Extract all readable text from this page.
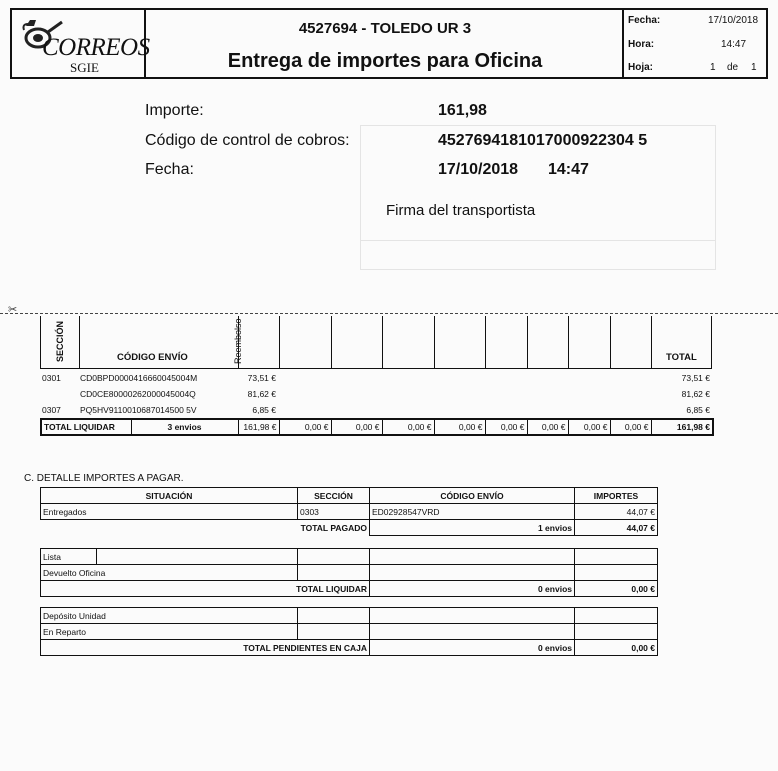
CORREOS
SGIE
4527694 - TOLEDO UR 3
Entrega de importes para Oficina
Fecha:	17/10/2018
Hora:	14:47
Hoja:	1 de 1
Importe:	161,98
Código de control de cobros:	4527694181017000922304 5
Fecha:	17/10/2018 14:47
Firma del transportista
✂
SECCIÓN	CÓDIGO ENVÍO	Reembolso	TOTAL
0301	CD0BPD0000416660045004M	73,51 €									73,51 €
	CD0CE80000262000045004Q	81,62 €									81,62 €
0307	PQ5HV9110010687014500 5V	6,85 €									6,85 €
TOTAL LIQUIDAR	3 envios	161,98 €	0,00 €	0,00 €	0,00 €	0,00 €	0,00 €	0,00 €	0,00 €	0,00 €	161,98 €
C. DETALLE IMPORTES A PAGAR.
SITUACIÓN	SECCIÓN	CÓDIGO ENVÍO	IMPORTES
Entregados	0303	ED02928547VRD	44,07 €
TOTAL PAGADO		1 envios	44,07 €
Lista				
Devuelto Oficina				
TOTAL LIQUIDAR			0 envios	0,00 €
Depósito Unidad			
En Reparto			
TOTAL PENDIENTES EN CAJA		0 envios	0,00 €
